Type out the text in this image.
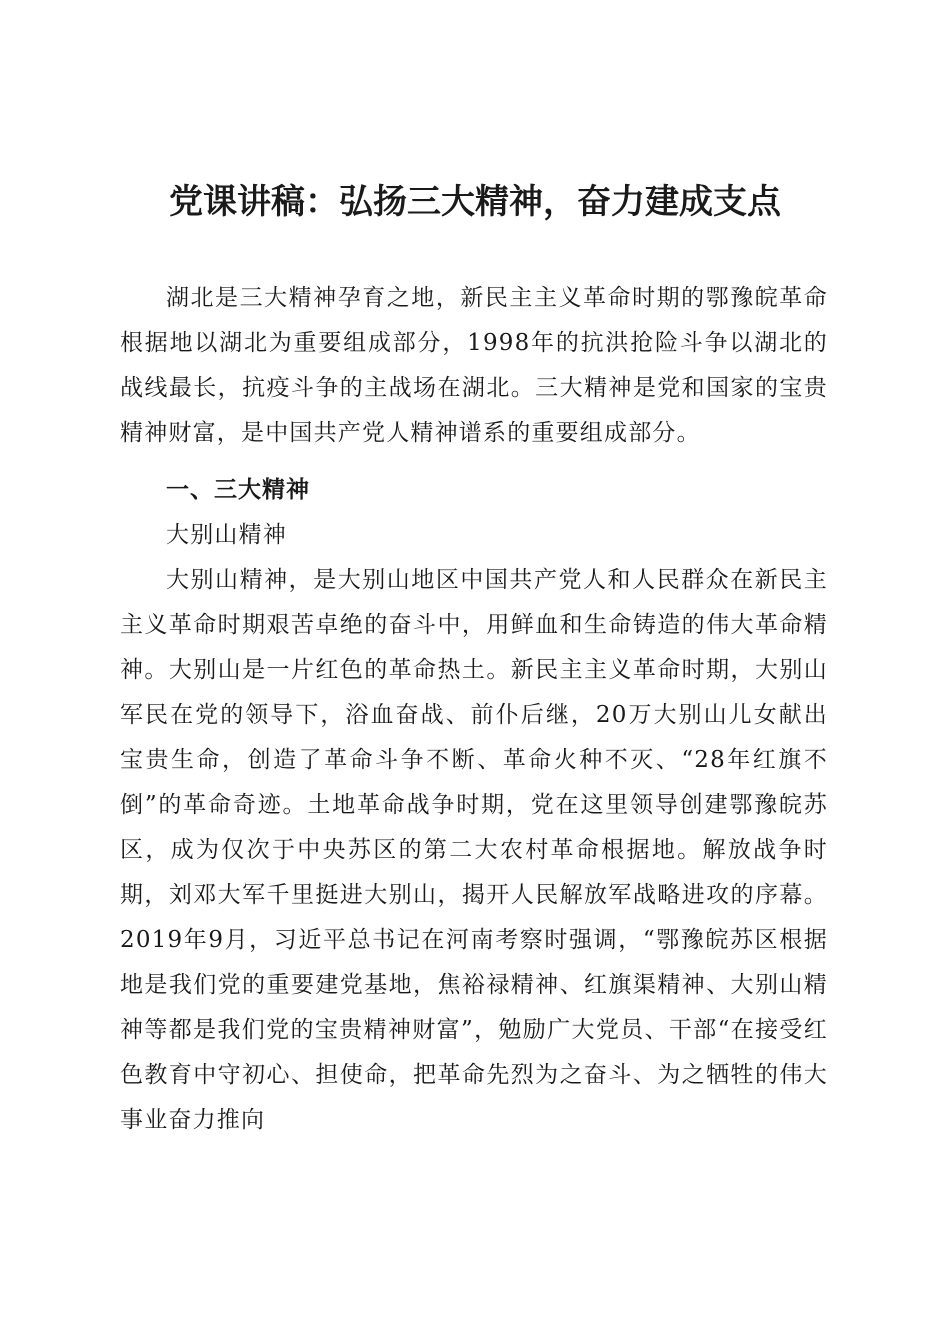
党课讲稿：弘扬三大精神，奋力建成支点

湖北是三大精神孕育之地，新民主主义革命时期的鄂豫皖革命根据地以湖北为重要组成部分，1998年的抗洪抢险斗争以湖北的战线最长，抗疫斗争的主战场在湖北。三大精神是党和国家的宝贵精神财富，是中国共产党人精神谱系的重要组成部分。

一、三大精神

大别山精神

大别山精神，是大别山地区中国共产党人和人民群众在新民主主义革命时期艰苦卓绝的奋斗中，用鲜血和生命铸造的伟大革命精神。大别山是一片红色的革命热土。新民主主义革命时期，大别山军民在党的领导下，浴血奋战、前仆后继，20万大别山儿女献出宝贵生命，创造了革命斗争不断、革命火种不灭、“28年红旗不倒”的革命奇迹。土地革命战争时期，党在这里领导创建鄂豫皖苏区，成为仅次于中央苏区的第二大农村革命根据地。解放战争时期，刘邓大军千里挺进大别山，揭开人民解放军战略进攻的序幕。2019年9月，习近平总书记在河南考察时强调，“鄂豫皖苏区根据地是我们党的重要建党基地，焦裕禄精神、红旗渠精神、大别山精神等都是我们党的宝贵精神财富”，勉励广大党员、干部“在接受红色教育中守初心、担使命，把革命先烈为之奋斗、为之牺牲的伟大事业奋力推向
